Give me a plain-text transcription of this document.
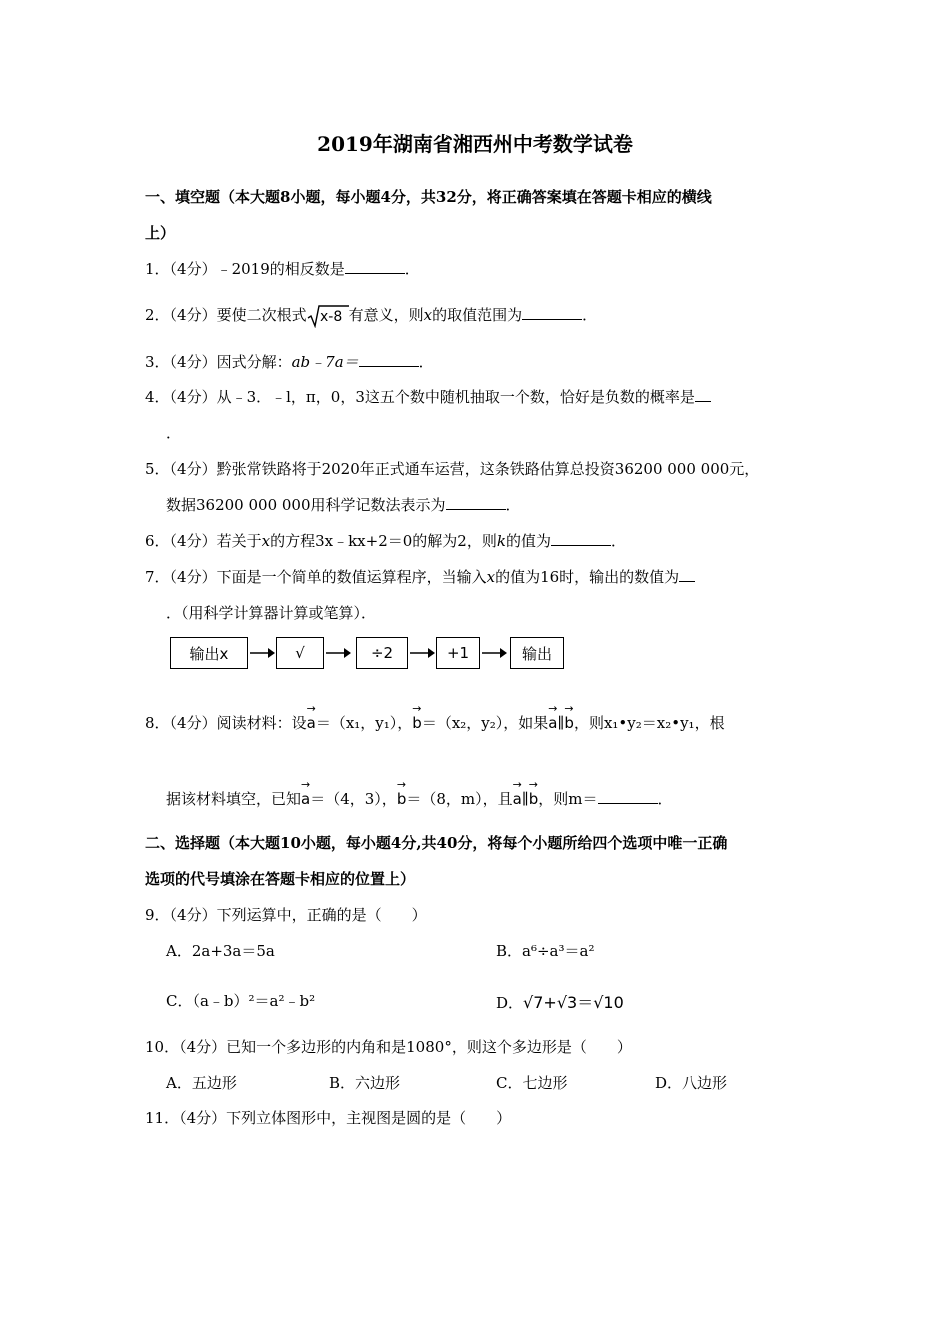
2019年湖南省湘西州中考数学试卷
一、填空题（本大题8小题，每小题4分，共32分，将正确答案填在答题卡相应的横线
上）
1．（4分）﹣2019的相反数是	．
2．（4分）要使二次根式 x-8 有意义，则x的取值范围为	．
3．（4分）因式分解：ab﹣7a＝	．
4．（4分）从﹣3．﹣l，π，0，3这五个数中随机抽取一个数，恰好是负数的概率是
．
5．（4分）黔张常铁路将于2020年正式通车运营，这条铁路估算总投资36200 000 000元，
数据36200 000 000用科学记数法表示为	．
6．（4分）若关于x的方程3x﹣kx+2＝0的解为2，则k的值为	．
7．（4分）下面是一个简单的数值运算程序，当输入x的值为16时，输出的数值为
．（用科学计算器计算或笔算）．
输出x	√	÷2	+1	输出
8．（4分）阅读材料：设→ a＝（x₁，y₁），→ b＝（x₂，y₂），如果→ a∥→ b，则x₁•y₂＝x₂•y₁，根
据该材料填空，已知→ a＝（4，3），→ b＝（8，m），且→ a∥→ b，则m＝	．
二、选择题（本大题10小题，每小题4分,共40分，将每个小题所给四个选项中唯一正确
选项的代号填涂在答题卡相应的位置上）
9．（4分）下列运算中，正确的是（　　）
A．2a+3a＝5a	B．a⁶÷a³＝a²
C．（a﹣b）²＝a²﹣b²	D．√7+√3＝√10
10．（4分）已知一个多边形的内角和是1080°，则这个多边形是（　　）
A．五边形	B．六边形	C．七边形	D．八边形
11．（4分）下列立体图形中，主视图是圆的是（　　）
